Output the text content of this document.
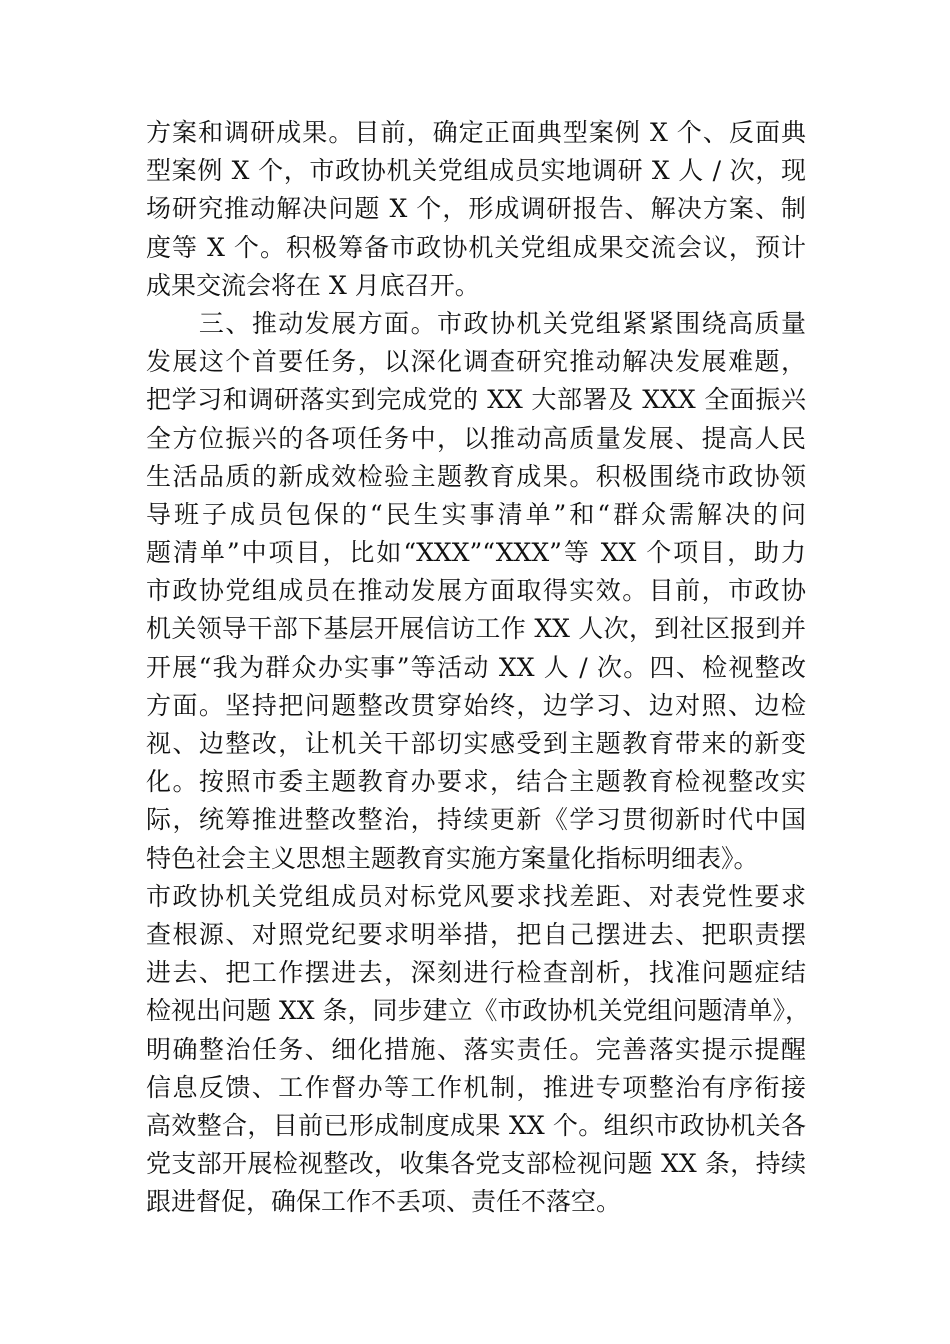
方案和调研成果。目前，确定正面典型案例 X 个、反面典
型案例 X 个，市政协机关党组成员实地调研 X 人 / 次，现
场研究推动解决问题 X 个，形成调研报告、解决方案、制
度等 X 个。积极筹备市政协机关党组成果交流会议，预计
成果交流会将在 X 月底召开。
　　三、推动发展方面。市政协机关党组紧紧围绕高质量
发展这个首要任务，以深化调查研究推动解决发展难题，
把学习和调研落实到完成党的 XX 大部署及 XXX 全面振兴
全方位振兴的各项任务中，以推动高质量发展、提高人民
生活品质的新成效检验主题教育成果。积极围绕市政协领
导班子成员包保的“民生实事清单”和“群众需解决的问
题清单”中项目，比如“XXX”“XXX”等 XX 个项目，助力
市政协党组成员在推动发展方面取得实效。目前，市政协
机关领导干部下基层开展信访工作 XX 人次，到社区报到并
开展“我为群众办实事”等活动 XX 人 / 次。四、检视整改
方面。坚持把问题整改贯穿始终，边学习、边对照、边检
视、边整改，让机关干部切实感受到主题教育带来的新变
化。按照市委主题教育办要求，结合主题教育检视整改实
际，统筹推进整改整治，持续更新《学习贯彻新时代中国
特色社会主义思想主题教育实施方案量化指标明细表》。
市政协机关党组成员对标党风要求找差距、对表党性要求
查根源、对照党纪要求明举措，把自己摆进去、把职责摆
进去、把工作摆进去，深刻进行检查剖析，找准问题症结
检视出问题 XX 条，同步建立《市政协机关党组问题清单》，
明确整治任务、细化措施、落实责任。完善落实提示提醒
信息反馈、工作督办等工作机制，推进专项整治有序衔接
高效整合，目前已形成制度成果 XX 个。组织市政协机关各
党支部开展检视整改，收集各党支部检视问题 XX 条，持续
跟进督促，确保工作不丢项、责任不落空。
